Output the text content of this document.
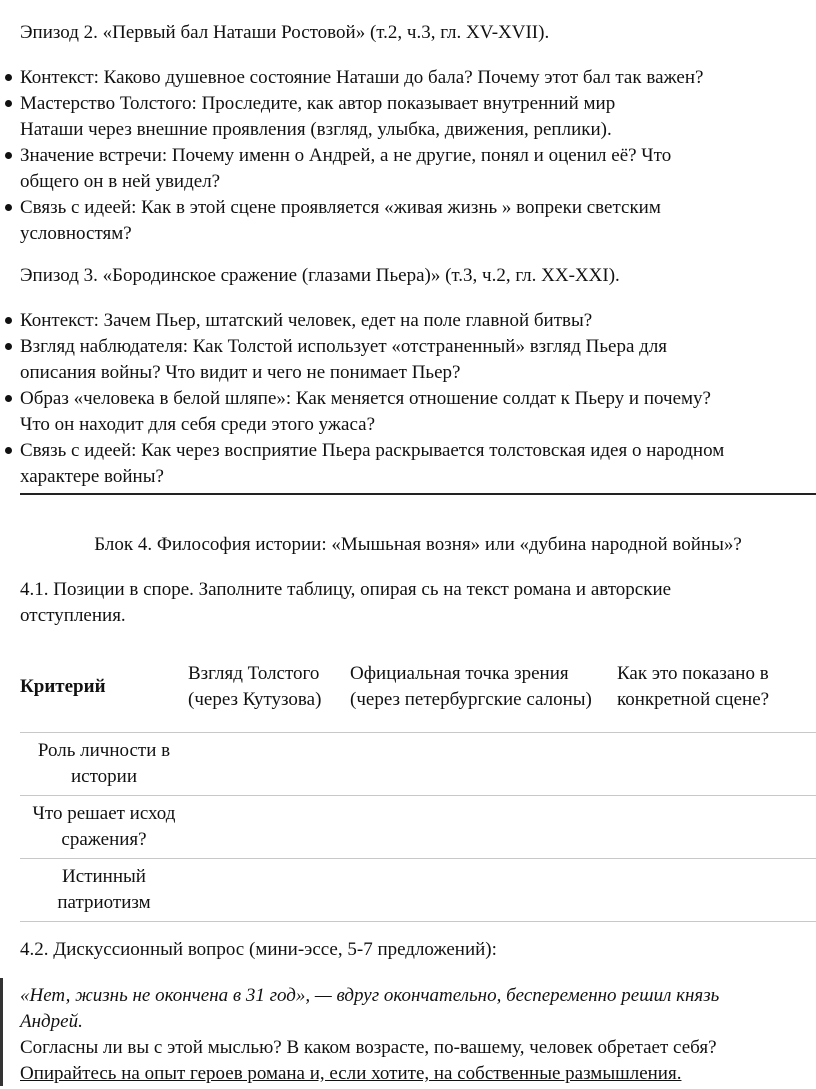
Эпизод 2. «Первый бал Наташи Ростовой» (т.2, ч.3, гл. XV-XVII).

Контекст: Каково душевное состояние Наташи до бала? Почему этот бал так важен?
Мастерство Толстого: Проследите, как автор показывает внутренний мир
Наташи через внешние проявления (взгляд, улыбка, движения, реплики).
Значение встречи: Почему именн о Андрей, а не другие, понял и оценил её? Что
общего он в ней увидел?
Связь с идеей: Как в этой сцене проявляется «живая жизнь » вопреки светским
условностям?

Эпизод 3. «Бородинское сражение (глазами Пьера)» (т.3, ч.2, гл. XX-XXI).

Контекст: Зачем Пьер, штатский человек, едет на поле главной битвы?
Взгляд наблюдателя: Как Толстой использует «отстраненный» взгляд Пьера для
описания войны? Что видит и чего не понимает Пьер?
Образ «человека в белой шляпе»: Как меняется отношение солдат к Пьеру и почему?
Что он находит для себя среди этого ужаса?
Связь с идеей: Как через восприятие Пьера раскрывается толстовская идея о народном
характере войны?

Блок 4. Философия истории: «Мышьная возня» или «дубина народной войны»?

4.1. Позиции в споре. Заполните таблицу, опирая сь на текст романа и авторские
отступления.

Критерий	Взгляд Толстого (через Кутузова)	Официальная точка зрения (через петербургские салоны)	Как это показано в конкретной сцене?
Роль личности в истории			
Что решает исход сражения?			
Истинный патриотизм			

4.2. Дискуссионный вопрос (мини-эссе, 5-7 предложений):

«Нет, жизнь не окончена в 31 год», — вдруг окончательно, беспеременно решил князь
Андрей.

Согласны ли вы с этой мыслью? В каком возрасте, по-вашему, человек обретает себя?
Опирайтесь на опыт героев романа и, если хотите, на собственные размышления.
